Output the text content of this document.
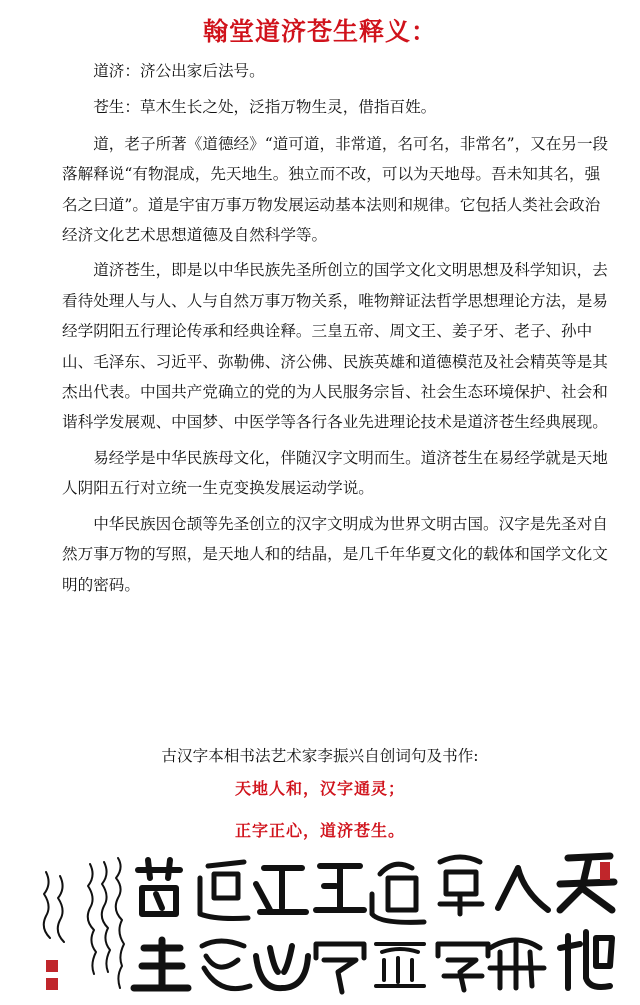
翰堂道济苍生释义：

道济：济公出家后法号。

苍生：草木生长之处，泛指万物生灵，借指百姓。

道，老子所著《道德经》“道可道，非常道，名可名，非常名”，又在另一段落解释说“有物混成，先天地生。独立而不改，可以为天地母。吾未知其名，强名之曰道”。道是宇宙万事万物发展运动基本法则和规律。它包括人类社会政治经济文化艺术思想道德及自然科学等。

道济苍生，即是以中华民族先圣所创立的国学文化文明思想及科学知识，去看待处理人与人、人与自然万事万物关系，唯物辩证法哲学思想理论方法，是易经学阴阳五行理论传承和经典诠释。三皇五帝、周文王、姜子牙、老子、孙中山、毛泽东、习近平、弥勒佛、济公佛、民族英雄和道德模范及社会精英等是其杰出代表。中国共产党确立的党的为人民服务宗旨、社会生态环境保护、社会和谐科学发展观、中国梦、中医学等各行各业先进理论技术是道济苍生经典展现。

易经学是中华民族母文化，伴随汉字文明而生。道济苍生在易经学就是天地人阴阳五行对立统一生克变换发展运动学说。

中华民族因仓颉等先圣创立的汉字文明成为世界文明古国。汉字是先圣对自然万事万物的写照，是天地人和的结晶，是几千年华夏文化的载体和国学文化文明的密码。

古汉字本相书法艺术家李振兴自创词句及书作:
天地人和，汉字通灵；
正字正心，道济苍生。
